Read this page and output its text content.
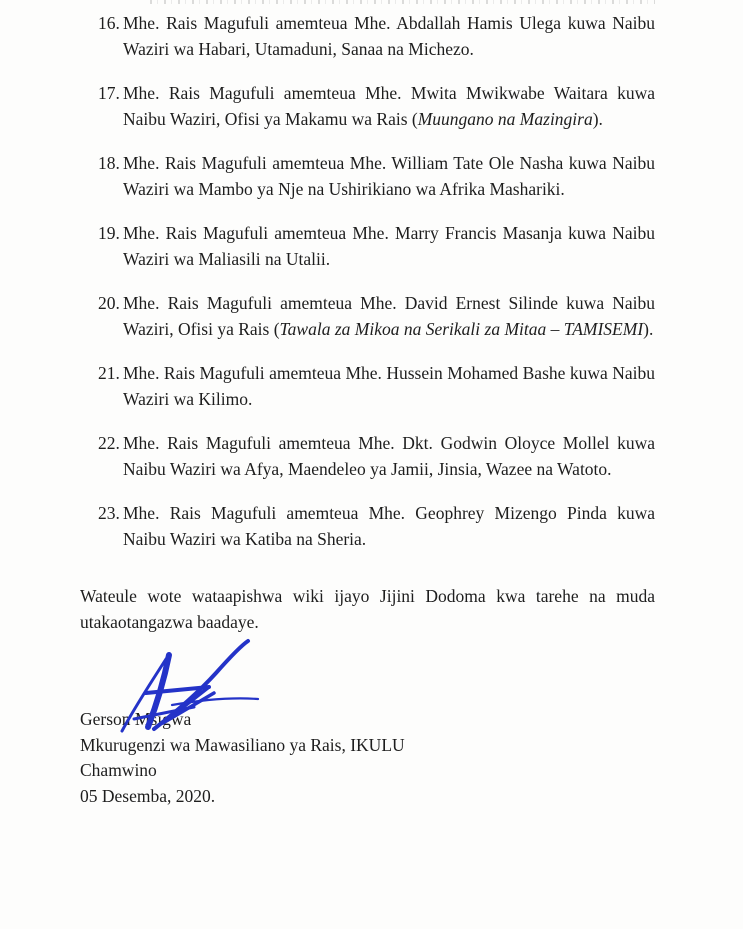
16. Mhe. Rais Magufuli amemteua Mhe. Abdallah Hamis Ulega kuwa Naibu Waziri wa Habari, Utamaduni, Sanaa na Michezo.
17. Mhe. Rais Magufuli amemteua Mhe. Mwita Mwikwabe Waitara kuwa Naibu Waziri, Ofisi ya Makamu wa Rais (Muungano na Mazingira).
18. Mhe. Rais Magufuli amemteua Mhe. William Tate Ole Nasha kuwa Naibu Waziri wa Mambo ya Nje na Ushirikiano wa Afrika Mashariki.
19. Mhe. Rais Magufuli amemteua Mhe. Marry Francis Masanja kuwa Naibu Waziri wa Maliasili na Utalii.
20. Mhe. Rais Magufuli amemteua Mhe. David Ernest Silinde kuwa Naibu Waziri, Ofisi ya Rais (Tawala za Mikoa na Serikali za Mitaa – TAMISEMI).
21. Mhe. Rais Magufuli amemteua Mhe. Hussein Mohamed Bashe kuwa Naibu Waziri wa Kilimo.
22. Mhe. Rais Magufuli amemteua Mhe. Dkt. Godwin Oloyce Mollel kuwa Naibu Waziri wa Afya, Maendeleo ya Jamii, Jinsia, Wazee na Watoto.
23. Mhe. Rais Magufuli amemteua Mhe. Geophrey Mizengo Pinda kuwa Naibu Waziri wa Katiba na Sheria.

Wateule wote wataapishwa wiki ijayo Jijini Dodoma kwa tarehe na muda utakaotangazwa baadaye.

Gerson Msigwa
Mkurugenzi wa Mawasiliano ya Rais, IKULU
Chamwino
05 Desemba, 2020.
